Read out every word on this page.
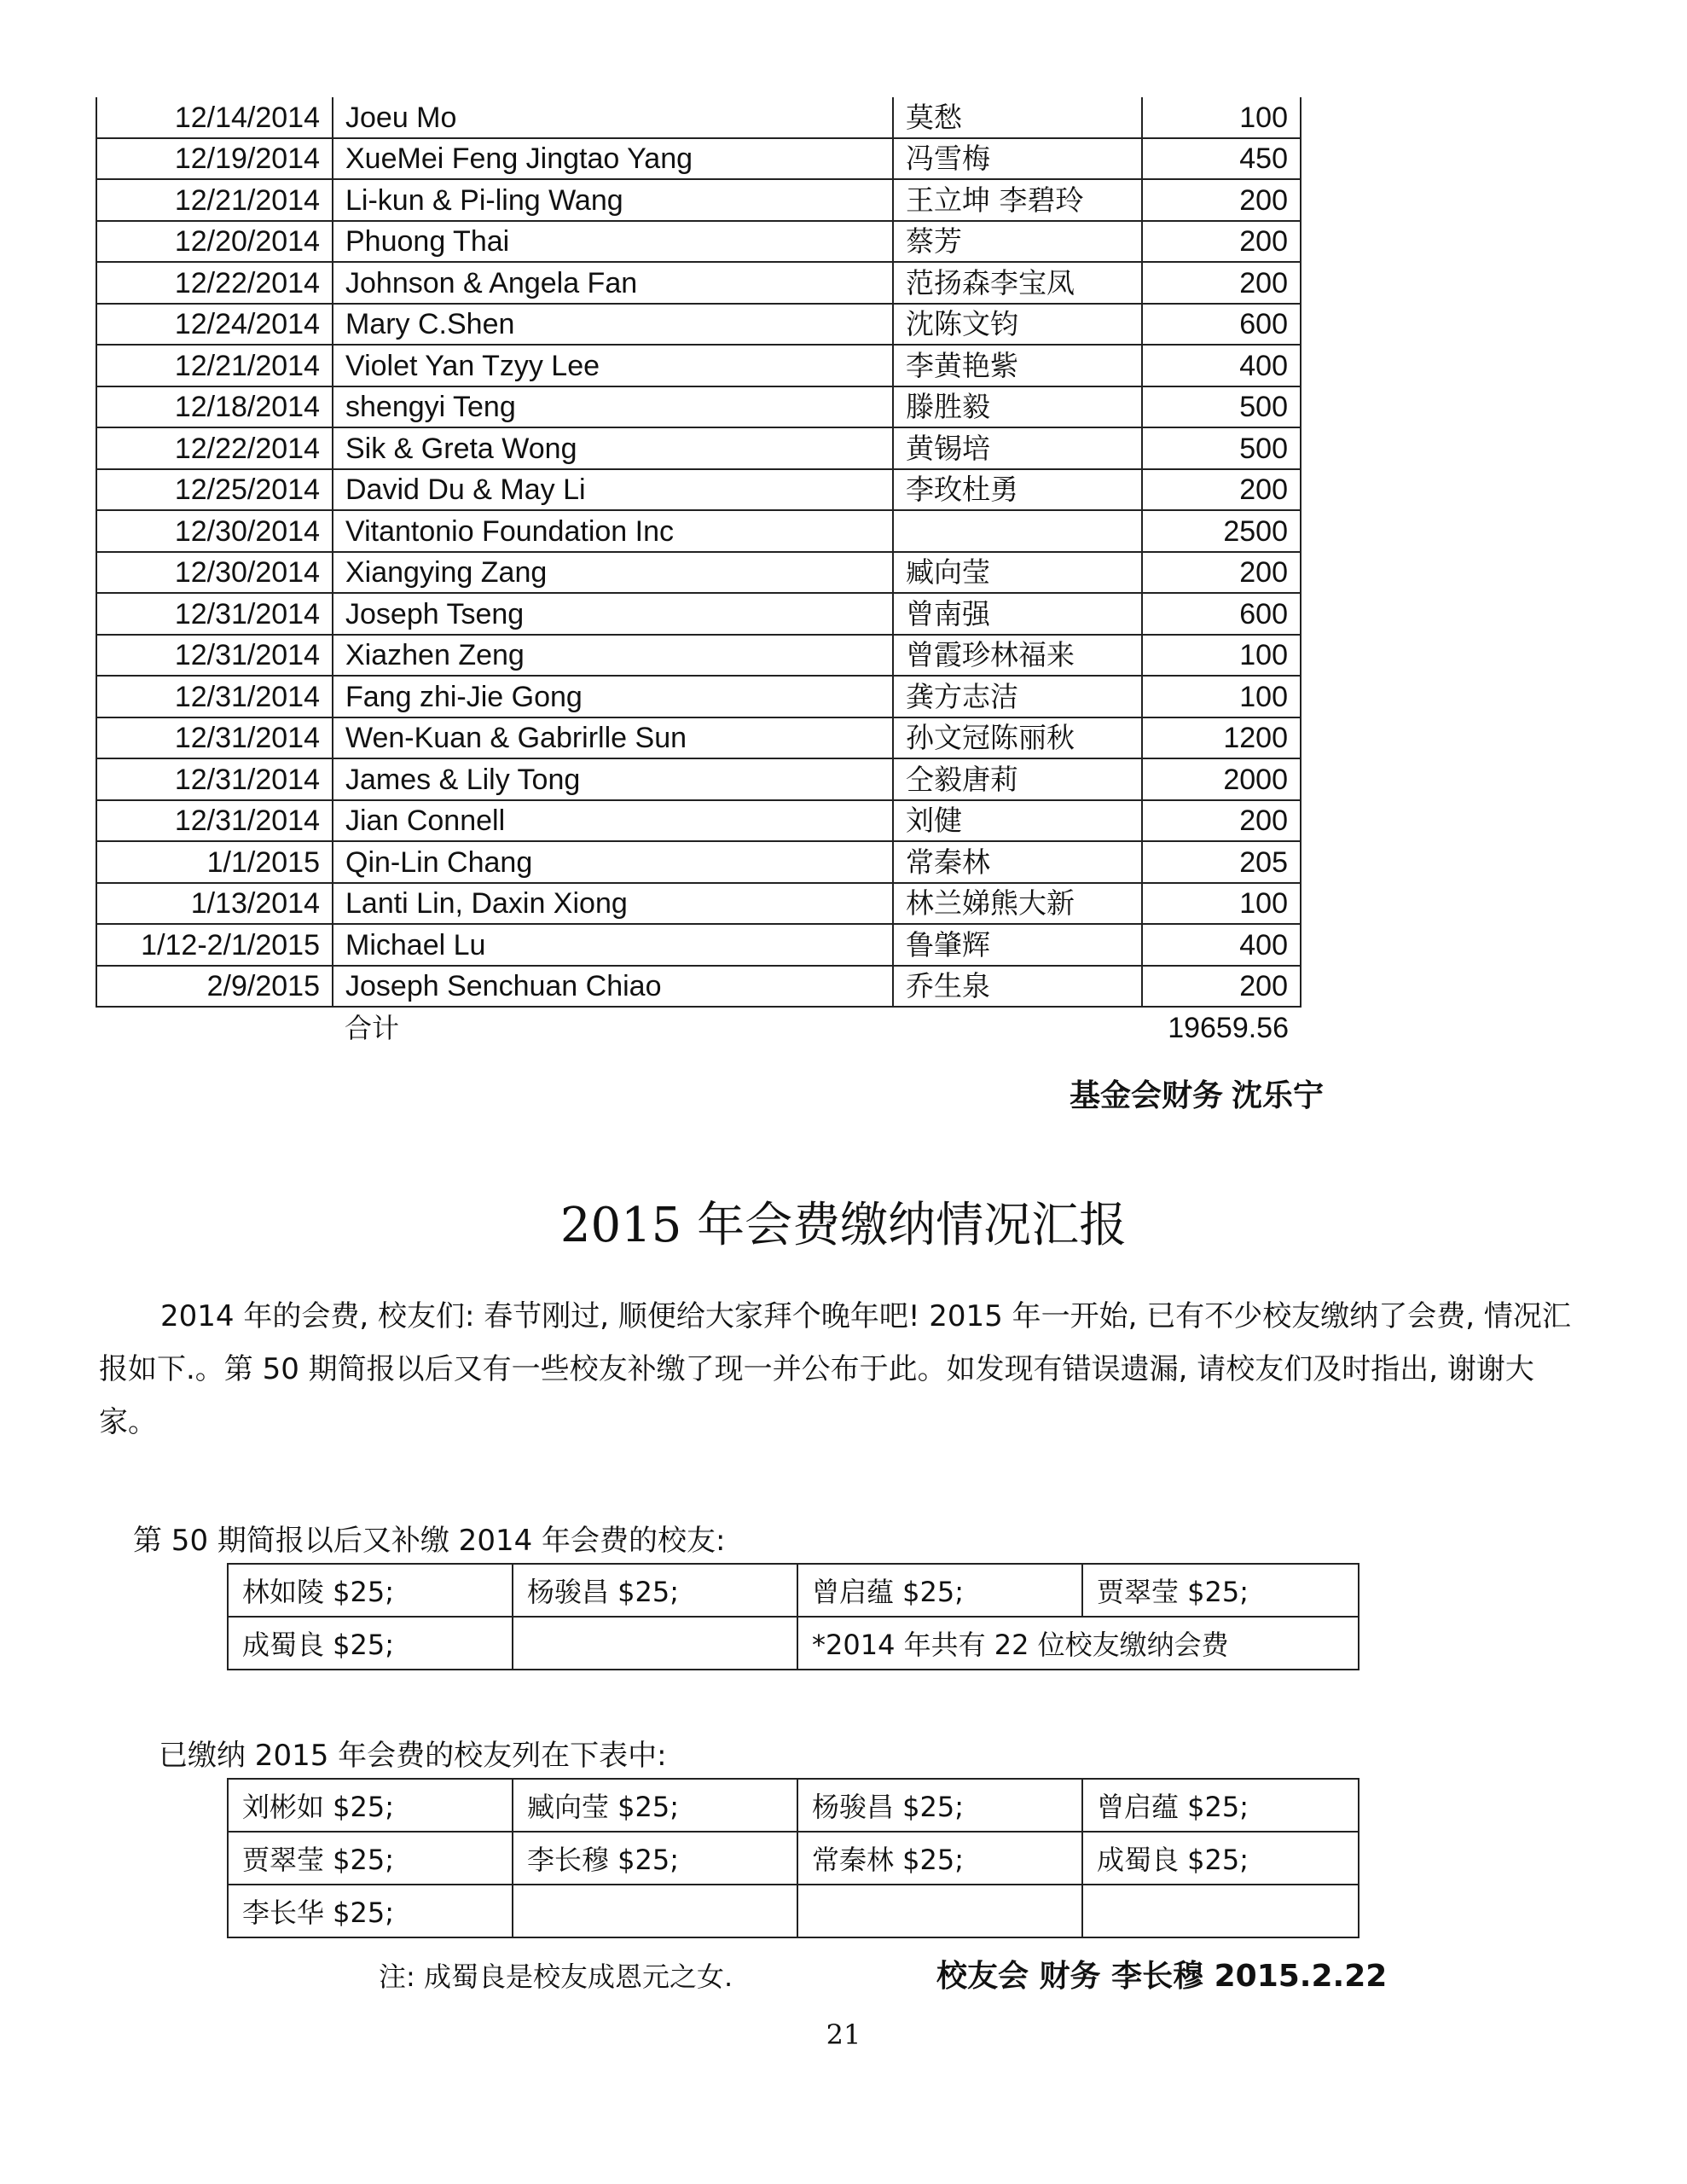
12/14/2014	Joeu Mo	莫愁	100
12/19/2014	XueMei Feng Jingtao Yang	冯雪梅	450
12/21/2014	Li-kun & Pi-ling Wang	王立坤 李碧玲	200
12/20/2014	Phuong Thai	蔡芳	200
12/22/2014	Johnson & Angela Fan	范扬森李宝凤	200
12/24/2014	Mary C.Shen	沈陈文钧	600
12/21/2014	Violet Yan Tzyy Lee	李黄艳紫	400
12/18/2014	shengyi Teng	滕胜毅	500
12/22/2014	Sik & Greta Wong	黄锡培	500
12/25/2014	David Du & May Li	李玫杜勇	200
12/30/2014	Vitantonio Foundation Inc		2500
12/30/2014	Xiangying Zang	臧向莹	200
12/31/2014	Joseph Tseng	曾南强	600
12/31/2014	Xiazhen Zeng	曾霞珍林福来	100
12/31/2014	Fang zhi-Jie Gong	龚方志洁	100
12/31/2014	Wen-Kuan & Gabrirlle Sun	孙文冠陈丽秋	1200
12/31/2014	James & Lily Tong	仝毅唐莉	2000
12/31/2014	Jian Connell	刘健	200
1/1/2015	Qin-Lin Chang	常秦林	205
1/13/2014	Lanti Lin, Daxin Xiong	林兰娣熊大新	100
1/12-2/1/2015	Michael Lu	鲁肇辉	400
2/9/2015	Joseph Senchuan Chiao	乔生泉	200
	合计		19659.56
基金会财务 沈乐宁
2015 年会费缴纳情况汇报
2014 年的会费, 校友们: 春节刚过, 顺便给大家拜个晚年吧! 2015 年一开始, 已有不少校友缴纳了会费, 情况汇报如下.。第 50 期简报以后又有一些校友补缴了现一并公布于此。如发现有错误遗漏, 请校友们及时指出, 谢谢大家。
第 50 期简报以后又补缴 2014 年会费的校友:
林如陵 $25;	杨骏昌 $25;	曾启蕴 $25;	贾翠莹 $25;
成蜀良 $25;		*2014 年共有 22 位校友缴纳会费	
已缴纳 2015 年会费的校友列在下表中:
刘彬如 $25;	臧向莹 $25;	杨骏昌 $25;	曾启蕴 $25;
贾翠莹 $25;	李长穆 $25;	常秦林 $25;	成蜀良 $25;
李长华 $25;			
注: 成蜀良是校友成恩元之女.	校友会 财务 李长穆 2015.2.22
21
